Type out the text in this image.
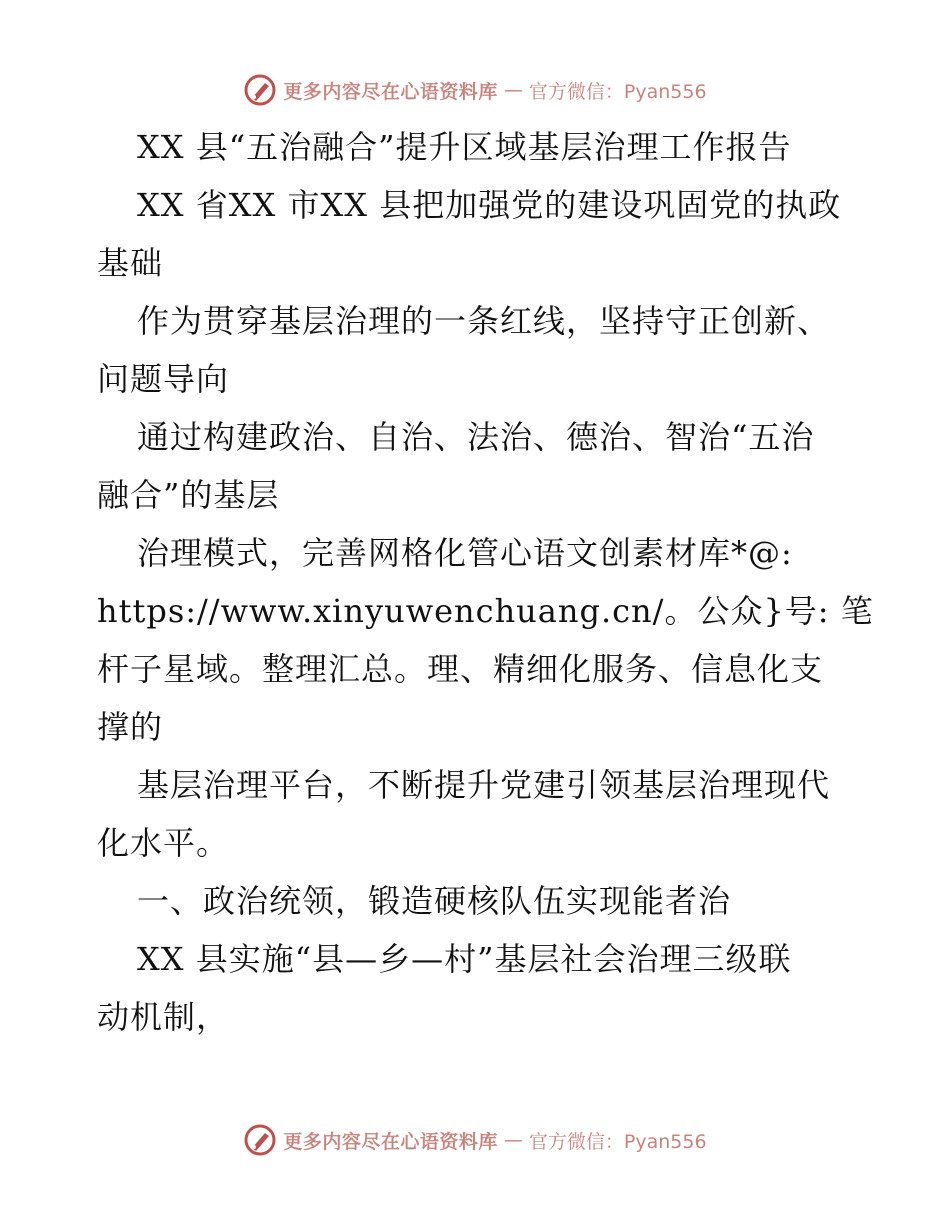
更多内容尽在心语资料库 — 官方微信：Pyan556
XX 县“五治融合”提升区域基层治理工作报告
XX 省XX 市XX 县把加强党的建设巩固党的执政
基础
作为贯穿基层治理的一条红线，坚持守正创新、
问题导向
通过构建政治、自治、法治、德治、智治“五治
融合”的基层
治理模式，完善网格化管心语文创素材库*@:
https://www.xinyuwenchuang.cn/。公众}号: 笔
杆子星域。整理汇总。理、精细化服务、信息化支
撑的
基层治理平台，不断提升党建引领基层治理现代
化水平。
一、政治统领，锻造硬核队伍实现能者治
XX 县实施“县—乡—村”基层社会治理三级联
动机制，
更多内容尽在心语资料库 — 官方微信：Pyan556
